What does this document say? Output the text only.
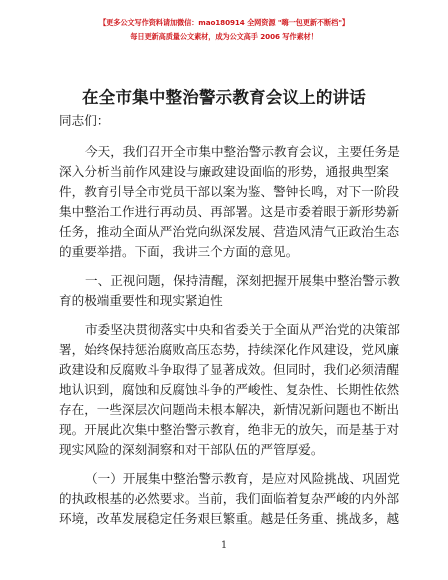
【更多公文写作资料请加微信：mao180914 全网资源 "嗨一包更新不断档"】
每日更新高质量公文素材，成为公文高手 2006 写作素材！
在全市集中整治警示教育会议上的讲话
同志们：
今天，我们召开全市集中整治警示教育会议，主要任务是
深入分析当前作风建设与廉政建设面临的形势，通报典型案
件，教育引导全市党员干部以案为鉴、警钟长鸣，对下一阶段
集中整治工作进行再动员、再部署。这是市委着眼于新形势新
任务，推动全面从严治党向纵深发展、营造风清气正政治生态
的重要举措。下面，我讲三个方面的意见。
一、正视问题，保持清醒，深刻把握开展集中整治警示教
育的极端重要性和现实紧迫性
市委坚决贯彻落实中央和省委关于全面从严治党的决策部
署，始终保持惩治腐败高压态势，持续深化作风建设，党风廉
政建设和反腐败斗争取得了显著成效。但同时，我们必须清醒
地认识到，腐蚀和反腐蚀斗争的严峻性、复杂性、长期性依然
存在，一些深层次问题尚未根本解决，新情况新问题也不断出
现。开展此次集中整治警示教育，绝非无的放矢，而是基于对
现实风险的深刻洞察和对干部队伍的严管厚爱。
（一）开展集中整治警示教育，是应对风险挑战、巩固党
的执政根基的必然要求。当前，我们面临着复杂严峻的内外部
环境，改革发展稳定任务艰巨繁重。越是任务重、挑战多，越
1
